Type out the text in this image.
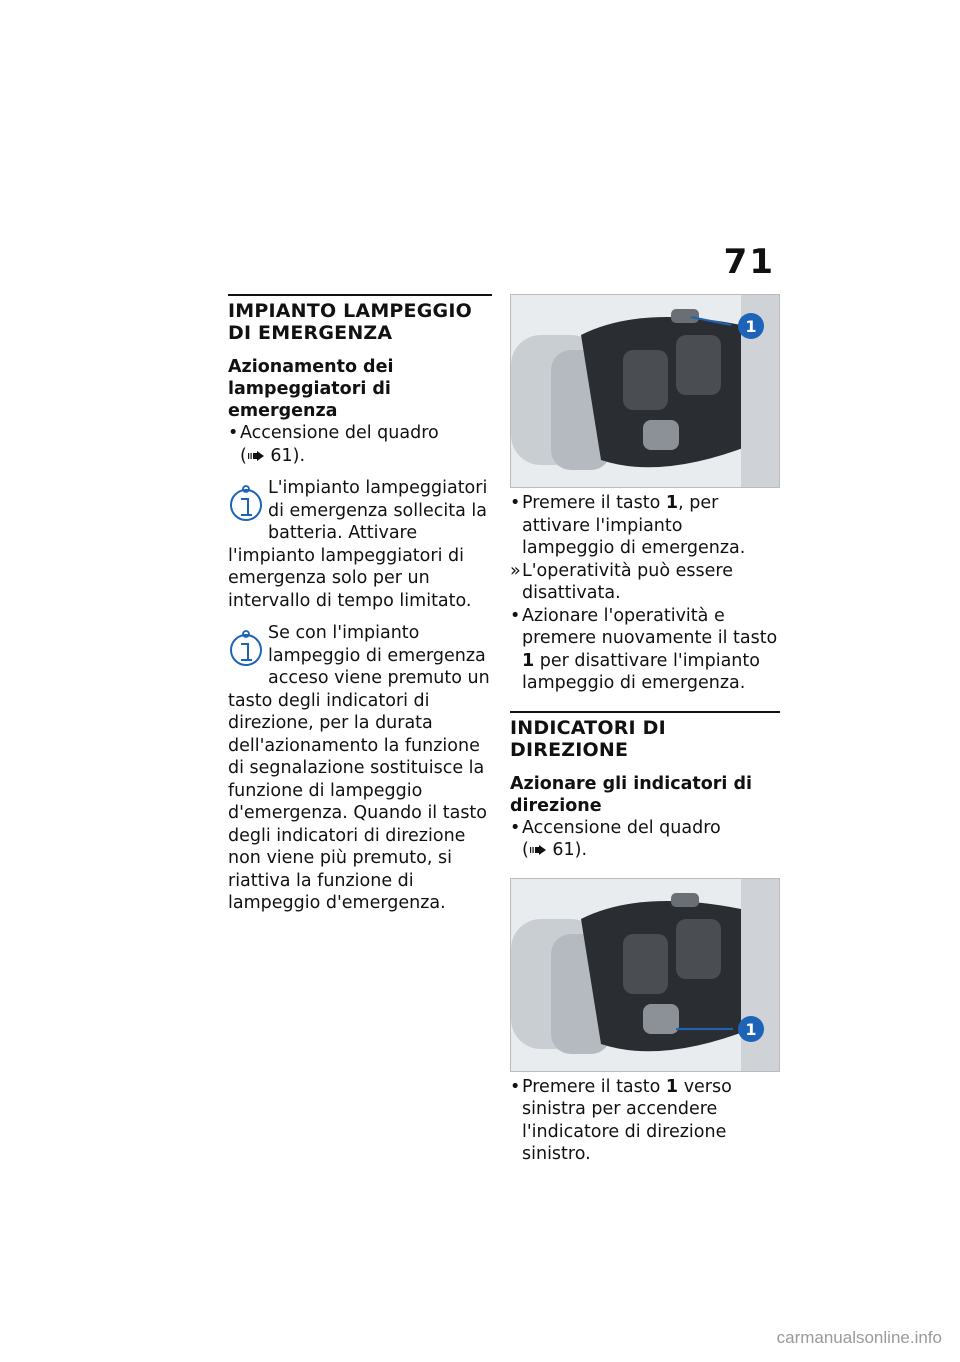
71
IMPIANTO LAMPEGGIO DI EMERGENZA
Azionamento dei lampeggiatori di emergenza
• Accensione del quadro
( 61).

L'impianto lampeggiatori di emergenza sollecita la batteria. Attivare l'impianto lampeggiatori di emergenza solo per un intervallo di tempo limitato.

Se con l'impianto lampeggio di emergenza acceso viene premuto un tasto degli indicatori di direzione, per la durata dell'azionamento la funzione di segnalazione sostituisce la funzione di lampeggio d'emergenza. Quando il tasto degli indicatori di direzione non viene più premuto, si riattiva la funzione di lampeggio d'emergenza.

1
• Premere il tasto 1, per attivare l'impianto lampeggio di emergenza.
» L'operatività può essere disattivata.
• Azionare l'operatività e premere nuovamente il tasto 1 per disattivare l'impianto lampeggio di emergenza.
INDICATORI DI DIREZIONE
Azionare gli indicatori di direzione
• Accensione del quadro
( 61).
1
• Premere il tasto 1 verso sinistra per accendere l'indicatore di direzione sinistro.
carmanualsonline.info
